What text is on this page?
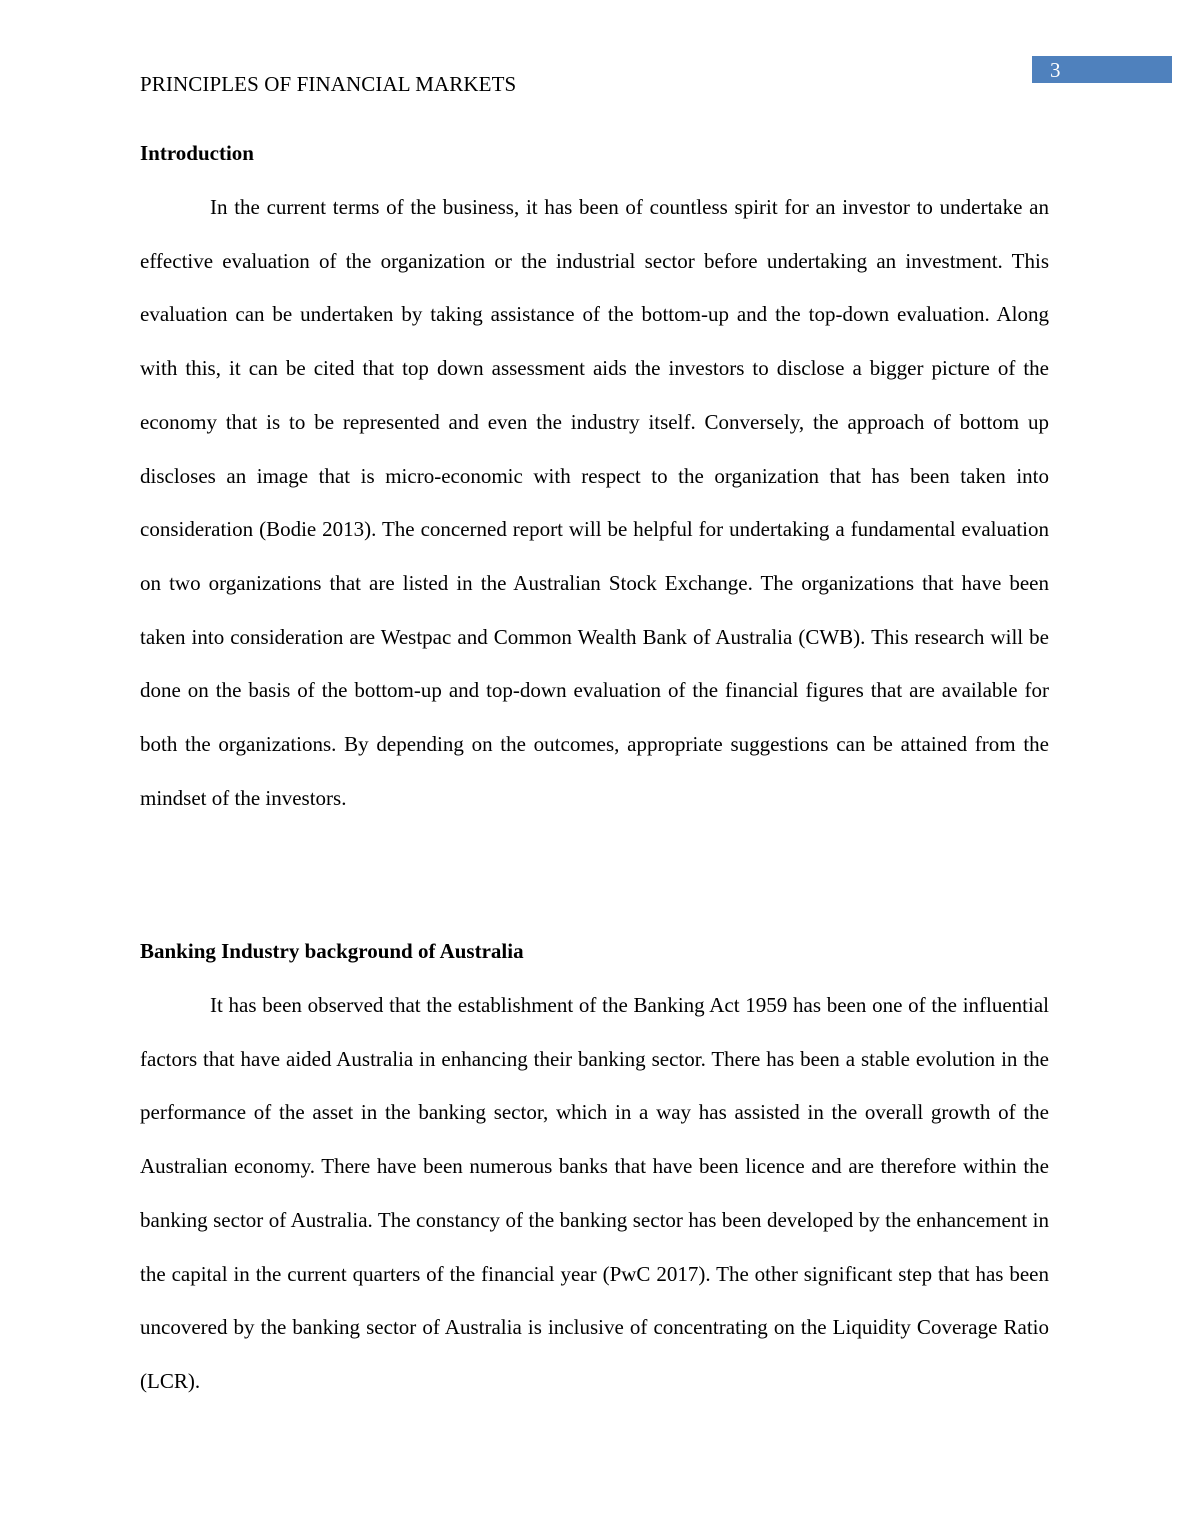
3
PRINCIPLES OF FINANCIAL MARKETS
Introduction

In the current terms of the business, it has been of countless spirit for an investor to undertake an effective evaluation of the organization or the industrial sector before undertaking an investment. This evaluation can be undertaken by taking assistance of the bottom-up and the top-down evaluation. Along with this, it can be cited that top down assessment aids the investors to disclose a bigger picture of the economy that is to be represented and even the industry itself. Conversely, the approach of bottom up discloses an image that is micro-economic with respect to the organization that has been taken into consideration (Bodie 2013). The concerned report will be helpful for undertaking a fundamental evaluation on two organizations that are listed in the Australian Stock Exchange. The organizations that have been taken into consideration are Westpac and Common Wealth Bank of Australia (CWB). This research will be done on the basis of the bottom-up and top-down evaluation of the financial figures that are available for both the organizations. By depending on the outcomes, appropriate suggestions can be attained from the mindset of the investors.

Banking Industry background of Australia

It has been observed that the establishment of the Banking Act 1959 has been one of the influential factors that have aided Australia in enhancing their banking sector. There has been a stable evolution in the performance of the asset in the banking sector, which in a way has assisted in the overall growth of the Australian economy. There have been numerous banks that have been licence and are therefore within the banking sector of Australia. The constancy of the banking sector has been developed by the enhancement in the capital in the current quarters of the financial year (PwC 2017). The other significant step that has been uncovered by the banking sector of Australia is inclusive of concentrating on the Liquidity Coverage Ratio (LCR).
